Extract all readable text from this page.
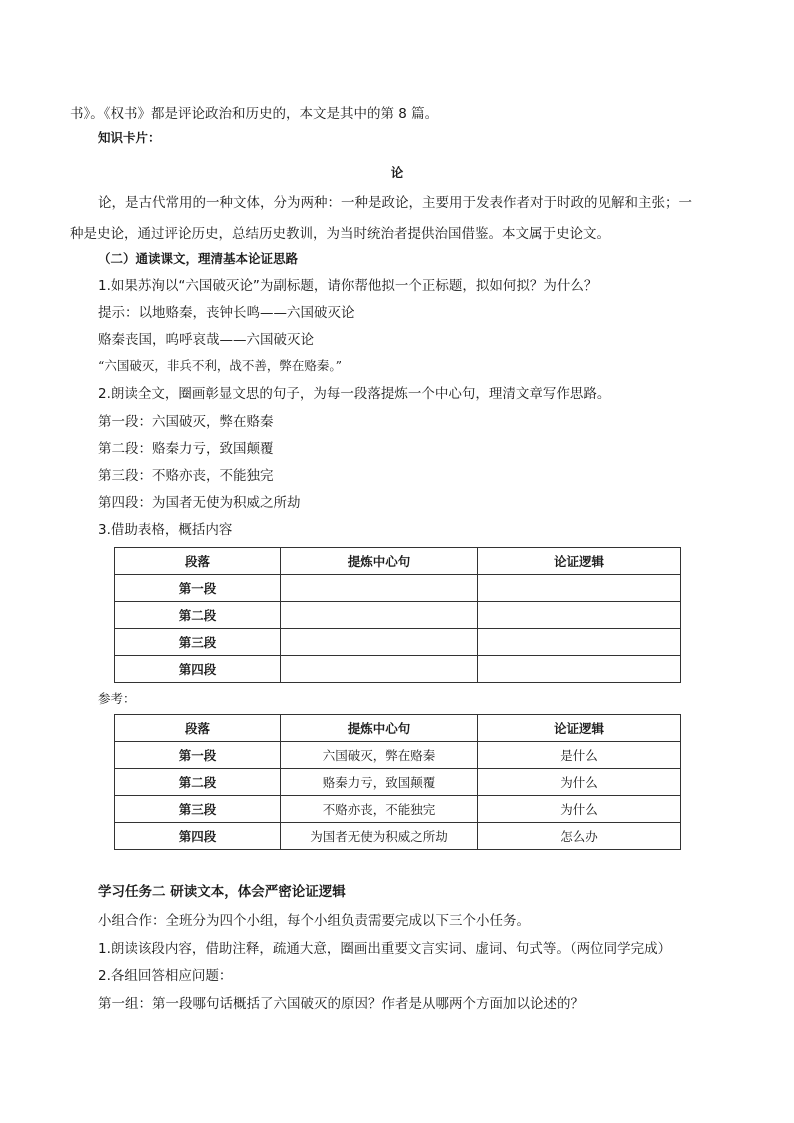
书》。《权书》都是评论政治和历史的，本文是其中的第 8 篇。
知识卡片：
论
论，是古代常用的一种文体，分为两种：一种是政论，主要用于发表作者对于时政的见解和主张；一
种是史论，通过评论历史，总结历史教训，为当时统治者提供治国借鉴。本文属于史论文。
（二）通读课文，理清基本论证思路
1.如果苏洵以“六国破灭论”为副标题，请你帮他拟一个正标题，拟如何拟？为什么？
提示：以地赂秦，丧钟长鸣——六国破灭论
赂秦丧国，呜呼哀哉——六国破灭论
“六国破灭，非兵不利，战不善，弊在赂秦。”
2.朗读全文，圈画彰显文思的句子，为每一段落提炼一个中心句，理清文章写作思路。
第一段：六国破灭，弊在赂秦
第二段：赂秦力亏，致国颠覆
第三段：不赂亦丧，不能独完
第四段：为国者无使为积威之所劫
3.借助表格，概括内容
段落	提炼中心句	论证逻辑
第一段		
第二段		
第三段		
第四段		
参考：
段落	提炼中心句	论证逻辑
第一段	六国破灭，弊在赂秦	是什么
第二段	赂秦力亏，致国颠覆	为什么
第三段	不赂亦丧，不能独完	为什么
第四段	为国者无使为积威之所劫	怎么办
学习任务二 研读文本，体会严密论证逻辑
小组合作：全班分为四个小组，每个小组负责需要完成以下三个小任务。
1.朗读该段内容，借助注释，疏通大意，圈画出重要文言实词、虚词、句式等。（两位同学完成）
2.各组回答相应问题：
第一组：第一段哪句话概括了六国破灭的原因？作者是从哪两个方面加以论述的？
